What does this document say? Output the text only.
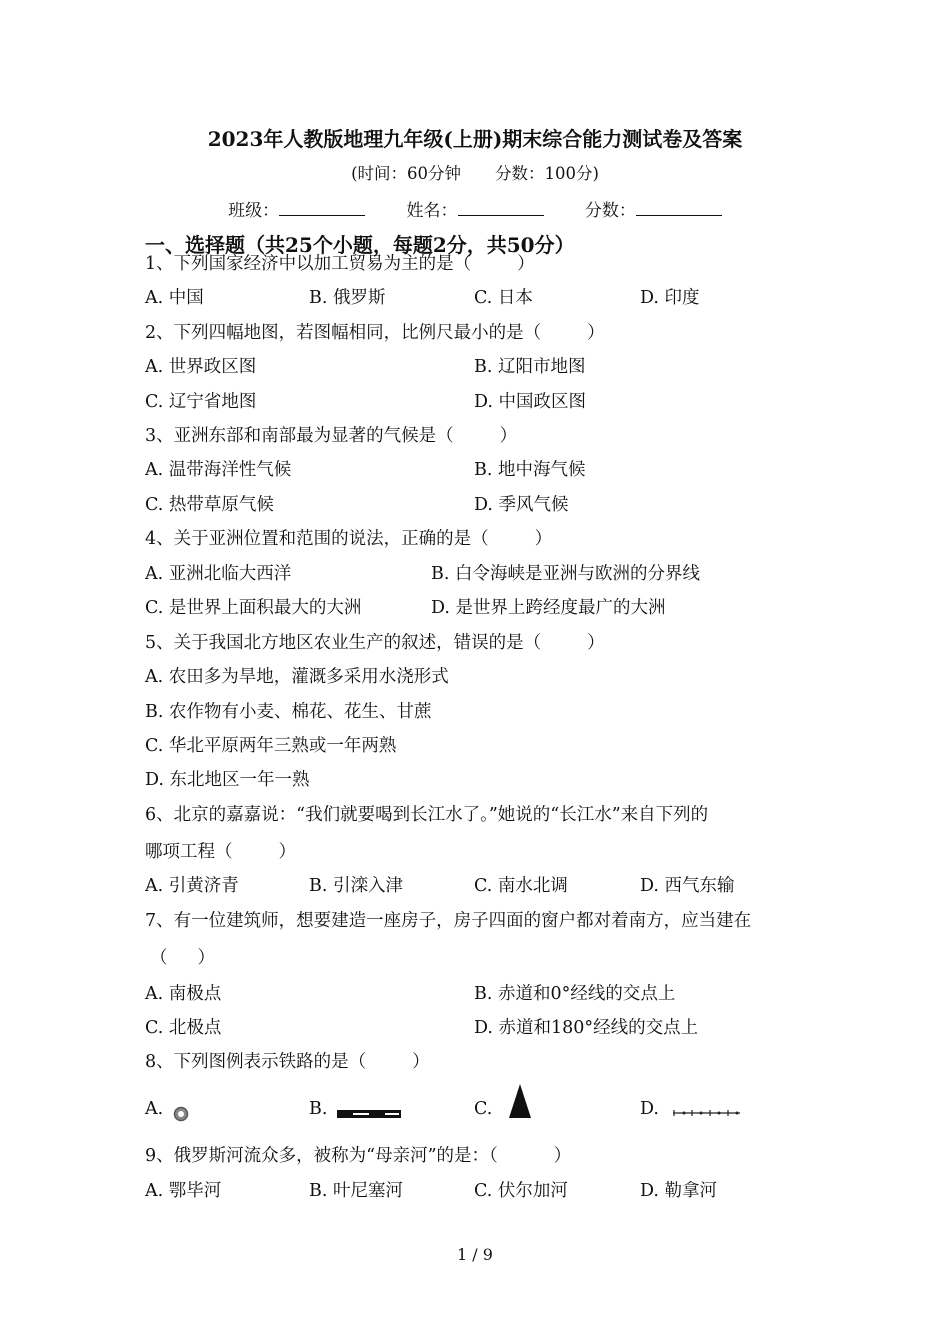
2023年人教版地理九年级(上册)期末综合能力测试卷及答案
(时间：60分钟 分数：100分)
班级：	姓名：	分数：
一、选择题（共25个小题，每题2分，共50分）
1、下列国家经济中以加工贸易为主的是（	）
A. 中国	B. 俄罗斯	C. 日本	D. 印度
2、下列四幅地图，若图幅相同，比例尺最小的是（	）
A. 世界政区图	B. 辽阳市地图
C. 辽宁省地图	D. 中国政区图
3、亚洲东部和南部最为显著的气候是（	）
A. 温带海洋性气候	B. 地中海气候
C. 热带草原气候	D. 季风气候
4、关于亚洲位置和范围的说法，正确的是（	）
A. 亚洲北临大西洋	B. 白令海峡是亚洲与欧洲的分界线
C. 是世界上面积最大的大洲	D. 是世界上跨经度最广的大洲
5、关于我国北方地区农业生产的叙述，错误的是（	）
A. 农田多为旱地，灌溉多采用水浇形式
B. 农作物有小麦、棉花、花生、甘蔗
C. 华北平原两年三熟或一年两熟
D. 东北地区一年一熟
6、北京的嘉嘉说：“我们就要喝到长江水了。”她说的“长江水”来自下列的
哪项工程（	）
A. 引黄济青	B. 引滦入津	C. 南水北调	D. 西气东输
7、有一位建筑师，想要建造一座房子，房子四面的窗户都对着南方，应当建在
（ ）
A. 南极点	B. 赤道和0°经线的交点上
C. 北极点	D. 赤道和180°经线的交点上
8、下列图例表示铁路的是（	）
A.	B.	C.	D.
9、俄罗斯河流众多，被称为“母亲河”的是：（	）
A. 鄂毕河	B. 叶尼塞河	C. 伏尔加河	D. 勒拿河
1 / 9
